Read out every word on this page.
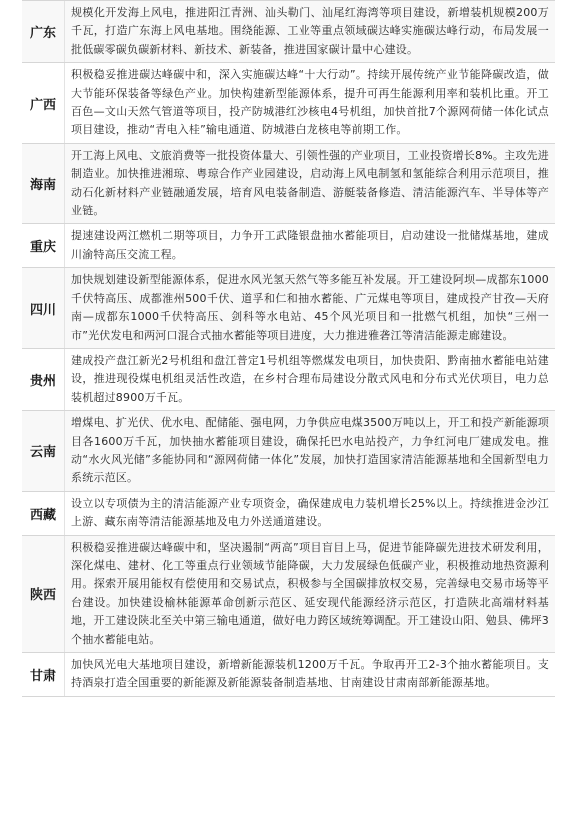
广东
规模化开发海上风电，推进阳江青洲、汕头勒门、汕尾红海湾等项目建设，新增装机规模200万千瓦，打造广东海上风电基地。围绕能源、工业等重点领域碳达峰实施碳达峰行动，布局发展一批低碳零碳负碳新材料、新技术、新装备，推进国家碳计量中心建设。
广西
积极稳妥推进碳达峰碳中和，深入实施碳达峰“十大行动”。持续开展传统产业节能降碳改造，做大节能环保装备等绿色产业。加快构建新型能源体系，提升可再生能源利用率和装机比重。开工百色—文山天然气管道等项目，投产防城港红沙核电4号机组，加快首批7个源网荷储一体化试点项目建设，推动“青电入桂”输电通道、防城港白龙核电等前期工作。
海南
开工海上风电、文旅消费等一批投资体量大、引领性强的产业项目，工业投资增长8%。主攻先进制造业。加快推进湘琼、粤琼合作产业园建设，启动海上风电制氢和氢能综合利用示范项目，推动石化新材料产业链融通发展，培育风电装备制造、游艇装备修造、清洁能源汽车、半导体等产业链。
重庆
提速建设两江燃机二期等项目，力争开工武隆银盘抽水蓄能项目，启动建设一批储煤基地，建成川渝特高压交流工程。
四川
加快规划建设新型能源体系，促进水风光氢天然气等多能互补发展。开工建设阿坝—成都东1000千伏特高压、成都淮州500千伏、道孚和仁和抽水蓄能、广元煤电等项目，建成投产甘孜—天府南—成都东1000千伏特高压、剑科等水电站、45个风光项目和一批燃气机组，加快“三州一市”光伏发电和两河口混合式抽水蓄能等项目进度，大力推进雅砻江等清洁能源走廊建设。
贵州
建成投产盘江新光2号机组和盘江普定1号机组等燃煤发电项目，加快贵阳、黔南抽水蓄能电站建设，推进现役煤电机组灵活性改造，在乡村合理布局建设分散式风电和分布式光伏项目，电力总装机超过8900万千瓦。
云南
增煤电、扩光伏、优水电、配储能、强电网，力争供应电煤3500万吨以上，开工和投产新能源项目各1600万千瓦，加快抽水蓄能项目建设，确保托巴水电站投产，力争红河电厂建成发电。推动“水火风光储”多能协同和“源网荷储一体化”发展，加快打造国家清洁能源基地和全国新型电力系统示范区。
西藏
设立以专项债为主的清洁能源产业专项资金，确保建成电力装机增长25%以上。持续推进金沙江上游、藏东南等清洁能源基地及电力外送通道建设。
陕西
积极稳妥推进碳达峰碳中和，坚决遏制“两高”项目盲目上马，促进节能降碳先进技术研发利用，深化煤电、建材、化工等重点行业领域节能降碳，大力发展绿色低碳产业，积极推动地热资源利用。探索开展用能权有偿使用和交易试点，积极参与全国碳排放权交易，完善绿电交易市场等平台建设。加快建设榆林能源革命创新示范区、延安现代能源经济示范区，打造陕北高端材料基地，开工建设陕北至关中第三输电通道，做好电力跨区域统筹调配。开工建设山阳、勉县、佛坪3个抽水蓄能电站。
甘肃
加快风光电大基地项目建设，新增新能源装机1200万千瓦。争取再开工2-3个抽水蓄能项目。支持酒泉打造全国重要的新能源及新能源装备制造基地、甘南建设甘肃南部新能源基地。
